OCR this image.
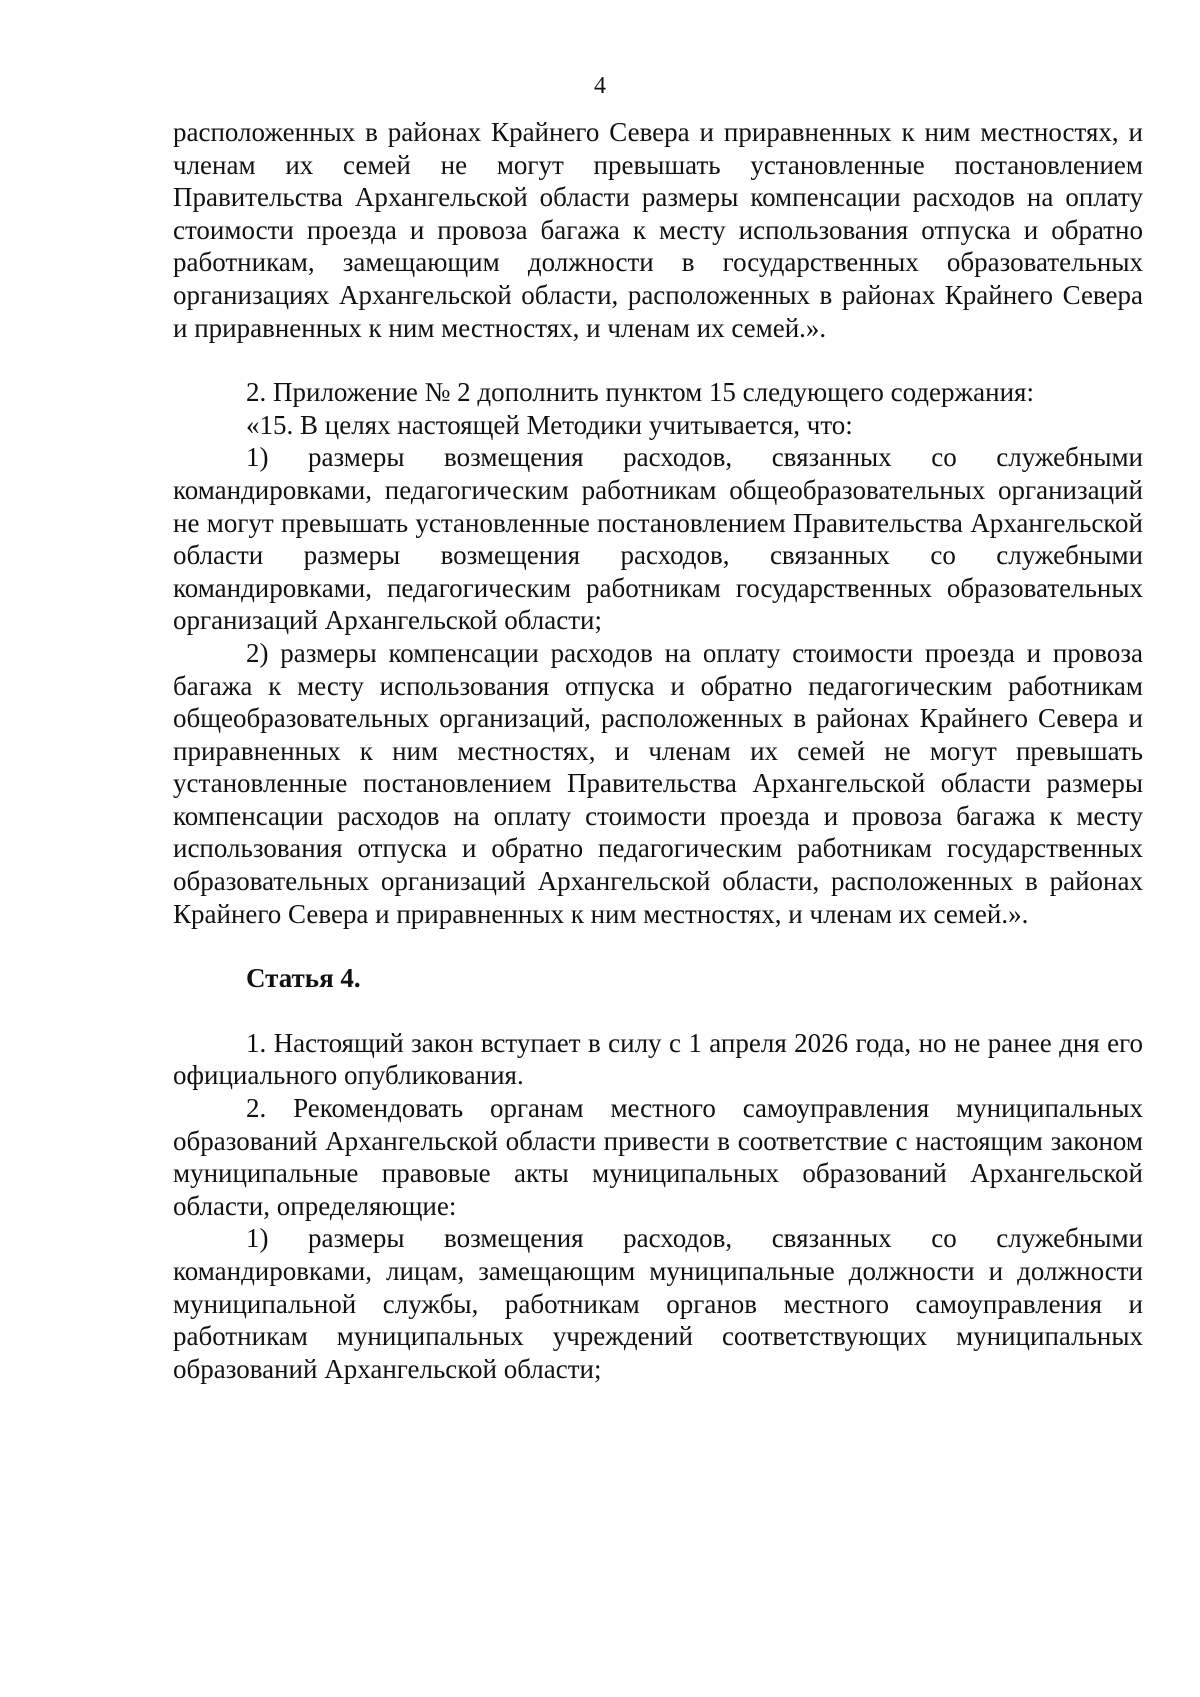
4

расположенных в районах Крайнего Севера и приравненных к ним местностях, и членам их семей не могут превышать установленные постановлением Правительства Архангельской области размеры компенсации расходов на оплату стоимости проезда и провоза багажа к месту использования отпуска и обратно работникам, замещающим должности в государственных образовательных организациях Архангельской области, расположенных в районах Крайнего Севера и приравненных к ним местностях, и членам их семей.».

2. Приложение № 2 дополнить пунктом 15 следующего содержания:

«15. В целях настоящей Методики учитывается, что:

1) размеры возмещения расходов, связанных со служебными командировками, педагогическим работникам общеобразовательных организаций не могут превышать установленные постановлением Правительства Архангельской области размеры возмещения расходов, связанных со служебными командировками, педагогическим работникам государственных образовательных организаций Архангельской области;

2) размеры компенсации расходов на оплату стоимости проезда и провоза багажа к месту использования отпуска и обратно педагогическим работникам общеобразовательных организаций, расположенных в районах Крайнего Севера и приравненных к ним местностях, и членам их семей не могут превышать установленные постановлением Правительства Архангельской области размеры компенсации расходов на оплату стоимости проезда и провоза багажа к месту использования отпуска и обратно педагогическим работникам государственных образовательных организаций Архангельской области, расположенных в районах Крайнего Севера и приравненных к ним местностях, и членам их семей.».

Статья 4.

1. Настоящий закон вступает в силу с 1 апреля 2026 года, но не ранее дня его официального опубликования.

2. Рекомендовать органам местного самоуправления муниципальных образований Архангельской области привести в соответствие с настоящим законом муниципальные правовые акты муниципальных образований Архангельской области, определяющие:

1) размеры возмещения расходов, связанных со служебными командировками, лицам, замещающим муниципальные должности и должности муниципальной службы, работникам органов местного самоуправления и работникам муниципальных учреждений соответствующих муниципальных образований Архангельской области;
